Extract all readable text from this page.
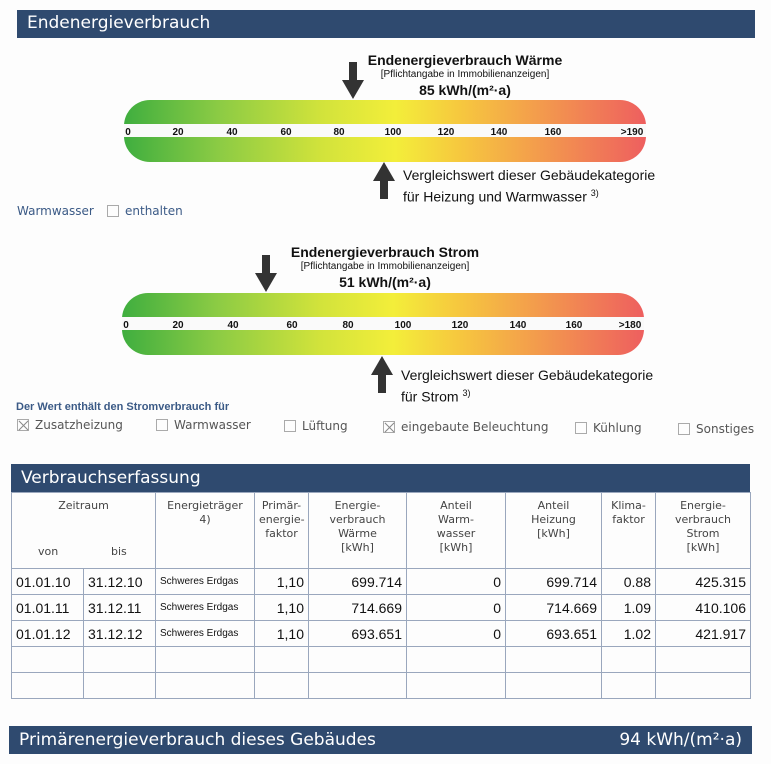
Endenergieverbrauch
Endenergieverbrauch Wärme
[Pflichtangabe in Immobilienanzeigen]
85 kWh/(m²·a)
0	20	40	60	80	100	120	140	160	>190
Vergleichswert dieser Gebäudekategorie
für Heizung und Warmwasser $^{3)}$
Warmwasser	enthalten
Endenergieverbrauch Strom
[Pflichtangabe in Immobilienanzeigen]
51 kWh/(m²·a)
0	20	40	60	80	100	120	140	160	>180
Vergleichswert dieser Gebäudekategorie
für Strom $^{3)}$
Der Wert enthält den Stromverbrauch für
Zusatzheizung	Warmwasser	Lüftung	eingebaute Beleuchtung	Kühlung	Sonstiges
Verbrauchserfassung
Zeitraum
von bis		Energieträger 4)	Primär-
energie-
faktor	Energie-
verbrauch
Wärme
[kWh]	Anteil
Warm-
wasser
[kWh]	Anteil
Heizung
[kWh]	Klima-
faktor	Energie-
verbrauch
Strom
[kWh]
01.01.10	31.12.10	Schweres Erdgas	1,10	699.714	0	699.714	0.88	425.315
01.01.11	31.12.11	Schweres Erdgas	1,10	714.669	0	714.669	1.09	410.106
01.01.12	31.12.12	Schweres Erdgas	1,10	693.651	0	693.651	1.02	421.917

Primärenergieverbrauch dieses Gebäudes	94 kWh/(m²·a)
